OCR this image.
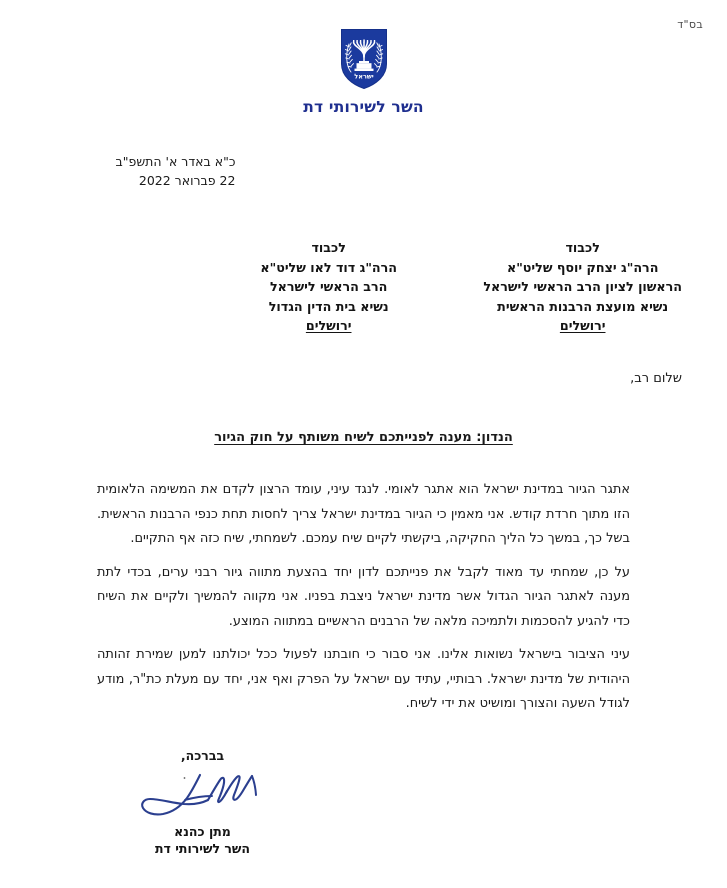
בס"ד
ישראל
השר לשירותי דת
כ"א באדר א' התשפ"ב
22 פברואר 2022
לכבוד
הרה"ג יצחק יוסף שליט"א
הראשון לציון הרב הראשי לישראל
נשיא מועצת הרבנות הראשית
ירושלים
לכבוד
הרה"ג דוד לאו שליט"א
הרב הראשי לישראל
נשיא בית הדין הגדול
ירושלים
שלום רב,
הנדון: מענה לפנייתכם לשיח משותף על חוק הגיור

אתגר הגיור במדינת ישראל הוא אתגר לאומי. לנגד עיני, עומד הרצון לקדם את המשימה הלאומית הזו מתוך חרדת קודש. אני מאמין כי הגיור במדינת ישראל צריך לחסות תחת כנפי הרבנות הראשית. בשל כך, במשך כל הליך החקיקה, ביקשתי לקיים שיח עמכם. לשמחתי, שיח כזה אף התקיים.

על כן, שמחתי עד מאוד לקבל את פנייתכם לדון יחד בהצעת מתווה גיור רבני ערים, בכדי לתת מענה לאתגר הגיור הגדול אשר מדינת ישראל ניצבת בפניו. אני מקווה להמשיך ולקיים את השיח כדי להגיע להסכמות ולתמיכה מלאה של הרבנים הראשיים במתווה המוצע.

עיני הציבור בישראל נשואות אלינו. אני סבור כי חובתנו לפעול ככל יכולתנו למען שמירת זהותה היהודית של מדינת ישראל. רבותיי, עתיד עם ישראל על הפרק ואף אני, יחד עם מעלת כת"ר, מודע לגודל השעה והצורך ומושיט את ידי לשיח.

בברכה,
מתן כהנא
השר לשירותי דת
